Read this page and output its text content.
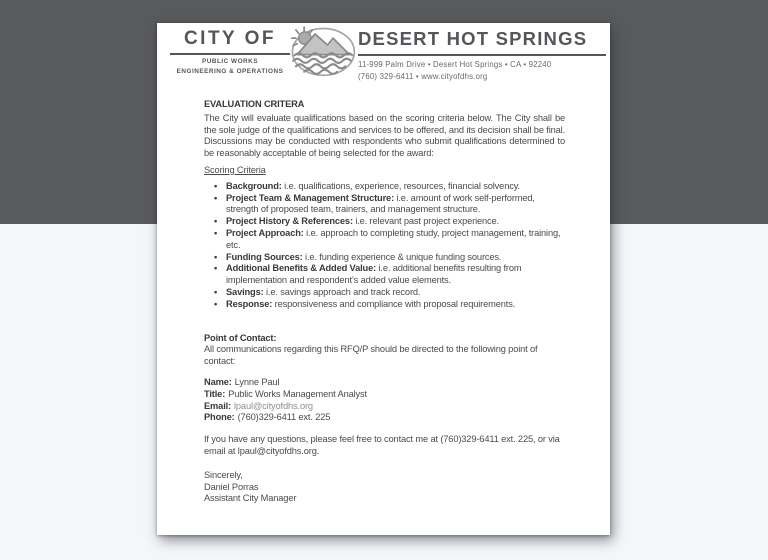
CITY OF
PUBLIC WORKS
ENGINEERING & OPERATIONS
DESERT HOT SPRINGS
11-999 Palm Drive • Desert Hot Springs • CA • 92240
(760) 329-6411 • www.cityofdhs.org
EVALUATION CRITERA

The City will evaluate qualifications based on the scoring criteria below. The City shall be the sole judge of the qualifications and services to be offered, and its decision shall be final. Discussions may be conducted with respondents who submit qualifications determined to be reasonably acceptable of being selected for the award:

Scoring Criteria
• Background: i.e. qualifications, experience, resources, financial solvency.
• Project Team & Management Structure: i.e. amount of work self-performed, strength of proposed team, trainers, and management structure.
• Project History & References: i.e. relevant past project experience.
• Project Approach: i.e. approach to completing study, project management, training, etc.
• Funding Sources: i.e. funding experience & unique funding sources.
• Additional Benefits & Added Value: i.e. additional benefits resulting from implementation and respondent’s added value elements.
• Savings: i.e. savings approach and track record.
• Response: responsiveness and compliance with proposal requirements.
Point of Contact:

All communications regarding this RFQ/P should be directed to the following point of contact:

Name: Lynne Paul
Title: Public Works Management Analyst
Email: lpaul@cityofdhs.org
Phone: (760)329-6411 ext. 225

If you have any questions, please feel free to contact me at (760)329-6411 ext. 225, or via email at lpaul@cityofdhs.org.

Sincerely,
Daniel Porras
Assistant City Manager
